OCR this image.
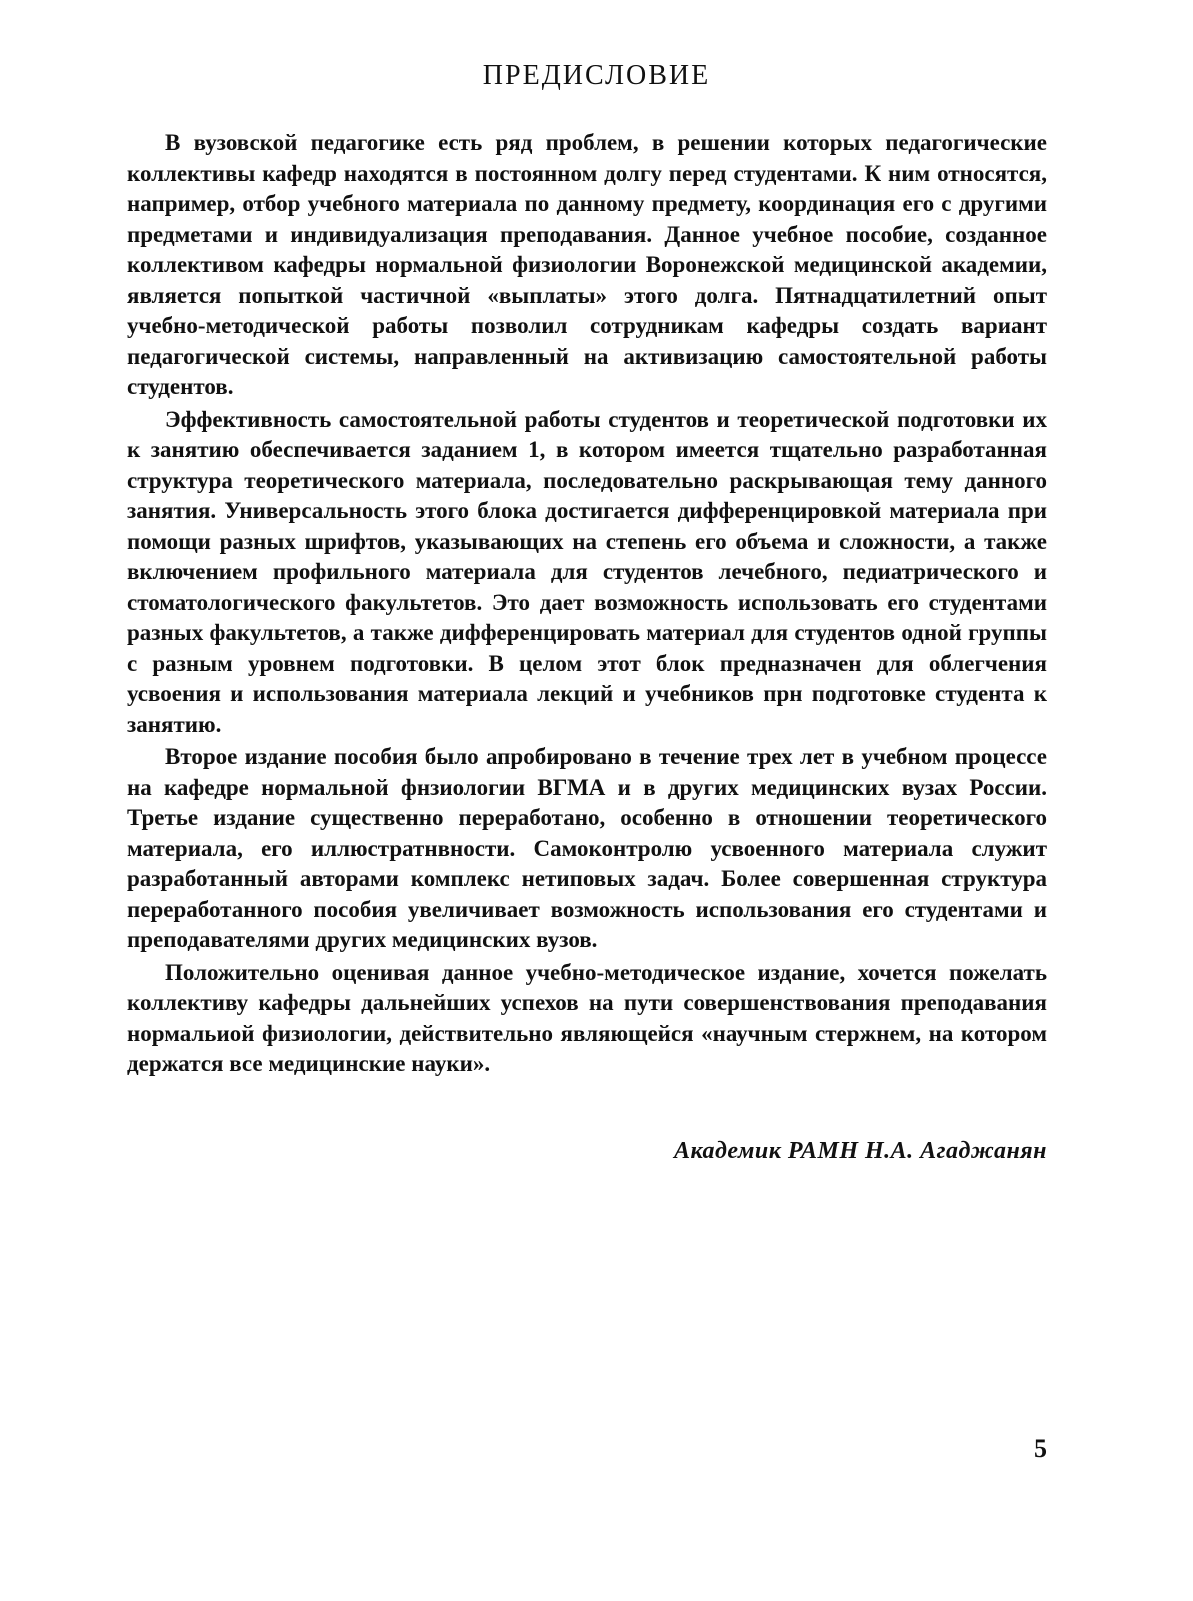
ПРЕДИСЛОВИЕ

В вузовской педагогике есть ряд проблем, в решении которых педагогические коллективы кафедр находятся в постоянном долгу перед студентами. К ним относятся, например, отбор учебного материала по данному предмету, координация его с другими предметами и индивидуализация преподавания. Данное учебное пособие, созданное коллективом кафедры нормальной физиологии Воронежской медицинской академии, является попыткой частичной «выплаты» этого долга. Пятнадцатилетний опыт учебно-методической работы позволил сотрудникам кафедры создать вариант педагогической системы, направленный на активизацию самостоятельной работы студентов.

Эффективность самостоятельной работы студентов и теоретической подготовки их к занятию обеспечивается заданием 1, в котором имеется тщательно разработанная структура теоретического материала, последовательно раскрывающая тему данного занятия. Универсальность этого блока достигается дифференцировкой материала при помощи разных шрифтов, указывающих на степень его объема и сложности, а также включением профильного материала для студентов лечебного, педиатрического и стоматологического факультетов. Это дает возможность использовать его студентами разных факультетов, а также дифференцировать материал для студентов одной группы с разным уровнем подготовки. В целом этот блок предназначен для облегчения усвоения и использования материала лекций и учебников прн подготовке студента к занятию.

Второе издание пособия было апробировано в течение трех лет в учебном процессе на кафедре нормальной фнзиологии ВГМА и в других медицинских вузах России. Третье издание существенно переработано, особенно в отношении теоретического материала, его иллюстратнвности. Самоконтролю усвоенного материала служит разработанный авторами комплекс нетиповых задач. Более совершенная структура переработанного пособия увеличивает возможность использования его студентами и преподавателями других медицинских вузов.

Положительно оценивая данное учебно-методическое издание, хочется пожелать коллективу кафедры дальнейших успехов на пути совершенствования преподавания нормальиой физиологии, действительно являющейся «научным стержнем, на котором держатся все медицинские науки».

Академик РАМН Н.А. Агаджанян

5
